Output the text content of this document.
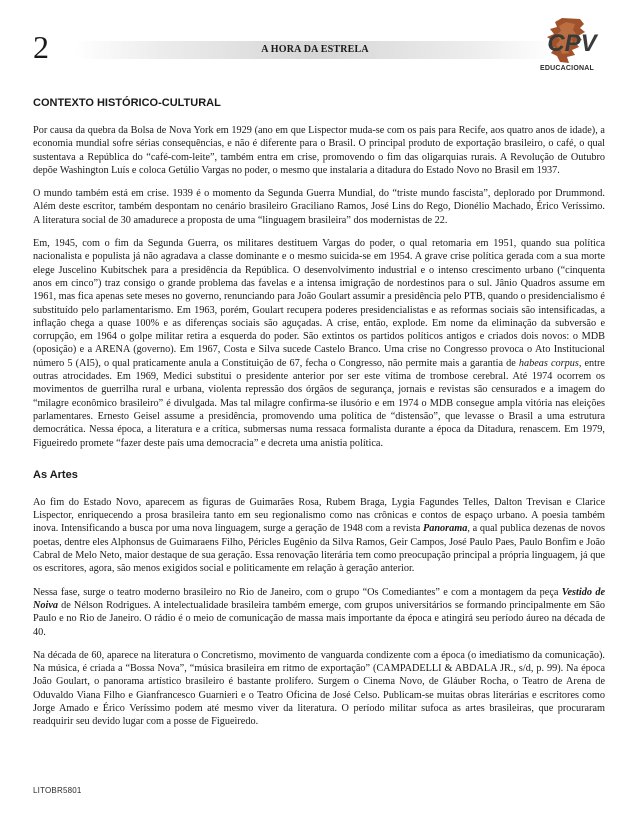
2	A HORA DA ESTRELA	CPV
EDUCACIONAL
CONTEXTO HISTÓRICO-CULTURAL

Por causa da quebra da Bolsa de Nova York em 1929 (ano em que Lispector muda-se com os pais para Recife, aos quatro anos de idade), a economia mundial sofre sérias consequências, e não é diferente para o Brasil. O principal produto de exportação brasileiro, o café, o qual sustentava a República do “café-com-leite”, também entra em crise, promovendo o fim das oligarquias rurais. A Revolução de Outubro depõe Washington Luís e coloca Getúlio Vargas no poder, o mesmo que instalaria a ditadura do Estado Novo no Brasil em 1937.

O mundo também está em crise. 1939 é o momento da Segunda Guerra Mundial, do “triste mundo fascista”, deplorado por Drummond. Além deste escritor, também despontam no cenário brasileiro Graciliano Ramos, José Lins do Rego, Dionélio Machado, Érico Veríssimo. A literatura social de 30 amadurece a proposta de uma “linguagem brasileira” dos modernistas de 22.

Em, 1945, com o fim da Segunda Guerra, os militares destituem Vargas do poder, o qual retomaria em 1951, quando sua política nacionalista e populista já não agradava a classe dominante e o mesmo suicida-se em 1954. A grave crise política gerada com a sua morte elege Juscelino Kubitschek para a presidência da República. O desenvolvimento industrial e o intenso crescimento urbano (“cinquenta anos em cinco”) traz consigo o grande problema das favelas e a intensa imigração de nordestinos para o sul. Jânio Quadros assume em 1961, mas fica apenas sete meses no governo, renunciando para João Goulart assumir a presidência pelo PTB, quando o presidencialismo é substituído pelo parlamentarismo. Em 1963, porém, Goulart recupera poderes presidencialistas e as reformas sociais são intensificadas, a inflação chega a quase 100% e as diferenças sociais são aguçadas. A crise, então, explode. Em nome da eliminação da subversão e corrupção, em 1964 o golpe militar retira a esquerda do poder. São extintos os partidos políticos antigos e criados dois novos: o MDB (oposição) e a ARENA (governo). Em 1967, Costa e Silva sucede Castelo Branco. Uma crise no Congresso provoca o Ato Institucional número 5 (AI5), o qual praticamente anula a Constituição de 67, fecha o Congresso, não permite mais a garantia de habeas corpus, entre outras atrocidades. Em 1969, Medici substitui o presidente anterior por ser este vítima de trombose cerebral. Até 1974 ocorrem os movimentos de guerrilha rural e urbana, violenta repressão dos órgãos de segurança, jornais e revistas são censurados e a imagem do “milagre econômico brasileiro” é divulgada. Mas tal milagre confirma-se ilusório e em 1974 o MDB consegue ampla vitória nas eleições parlamentares. Ernesto Geisel assume a presidência, promovendo uma política de “distensão”, que levasse o Brasil a uma estrutura democrática. Nessa época, a literatura e a crítica, submersas numa ressaca formalista durante a época da Ditadura, renascem. Em 1979, Figueiredo promete “fazer deste país uma democracia” e decreta uma anistia política.

As Artes

Ao fim do Estado Novo, aparecem as figuras de Guimarães Rosa, Rubem Braga, Lygia Fagundes Telles, Dalton Trevisan e Clarice Lispector, enriquecendo a prosa brasileira tanto em seu regionalismo como nas crônicas e contos de espaço urbano. A poesia também inova. Intensificando a busca por uma nova linguagem, surge a geração de 1948 com a revista Panorama, a qual publica dezenas de novos poetas, dentre eles Alphonsus de Guimaraens Filho, Péricles Eugênio da Silva Ramos, Geir Campos, José Paulo Paes, Paulo Bonfim e João Cabral de Melo Neto, maior destaque de sua geração. Essa renovação literária tem como preocupação principal a própria linguagem, já que os escritores, agora, são menos exigidos social e politicamente em relação à geração anterior.

Nessa fase, surge o teatro moderno brasileiro no Rio de Janeiro, com o grupo “Os Comediantes” e com a montagem da peça Vestido de Noiva de Nélson Rodrigues. A intelectualidade brasileira também emerge, com grupos universitários se formando principalmente em São Paulo e no Rio de Janeiro. O rádio é o meio de comunicação de massa mais importante da época e atingirá seu período áureo na década de 40.

Na década de 60, aparece na literatura o Concretismo, movimento de vanguarda condizente com a época (o imediatismo da comunicação). Na música, é criada a “Bossa Nova”, “música brasileira em ritmo de exportação” (CAMPADELLI & ABDALA JR., s/d, p. 99). Na época João Goulart, o panorama artístico brasileiro é bastante prolífero. Surgem o Cinema Novo, de Gláuber Rocha, o Teatro de Arena de Oduvaldo Viana Filho e Gianfrancesco Guarnieri e o Teatro Oficina de José Celso. Publicam-se muitas obras literárias e escritores como Jorge Amado e Érico Veríssimo podem até mesmo viver da literatura. O período militar sufoca as artes brasileiras, que procuraram readquirir seu devido lugar com a posse de Figueiredo.

LITOBR5801
